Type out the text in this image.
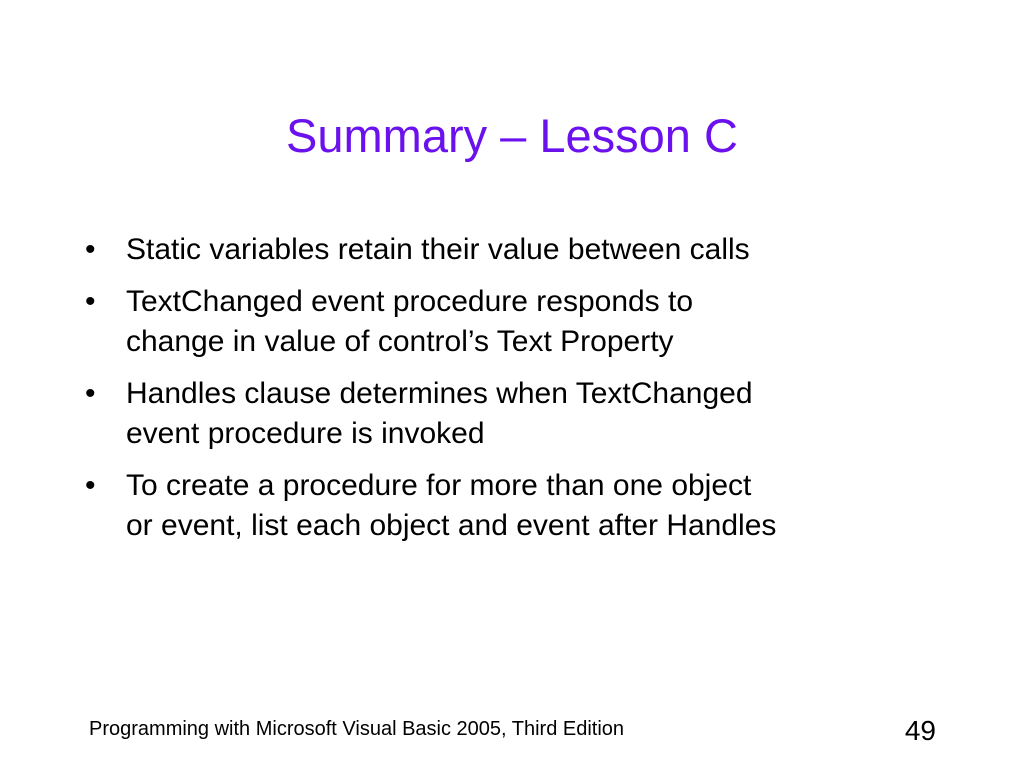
Summary – Lesson C
•	Static variables retain their value between calls
•	TextChanged event procedure responds to
change in value of control’s Text Property
•	Handles clause determines when TextChanged
event procedure is invoked
•	To create a procedure for more than one object
or event, list each object and event after Handles
Programming with Microsoft Visual Basic 2005, Third Edition	49
